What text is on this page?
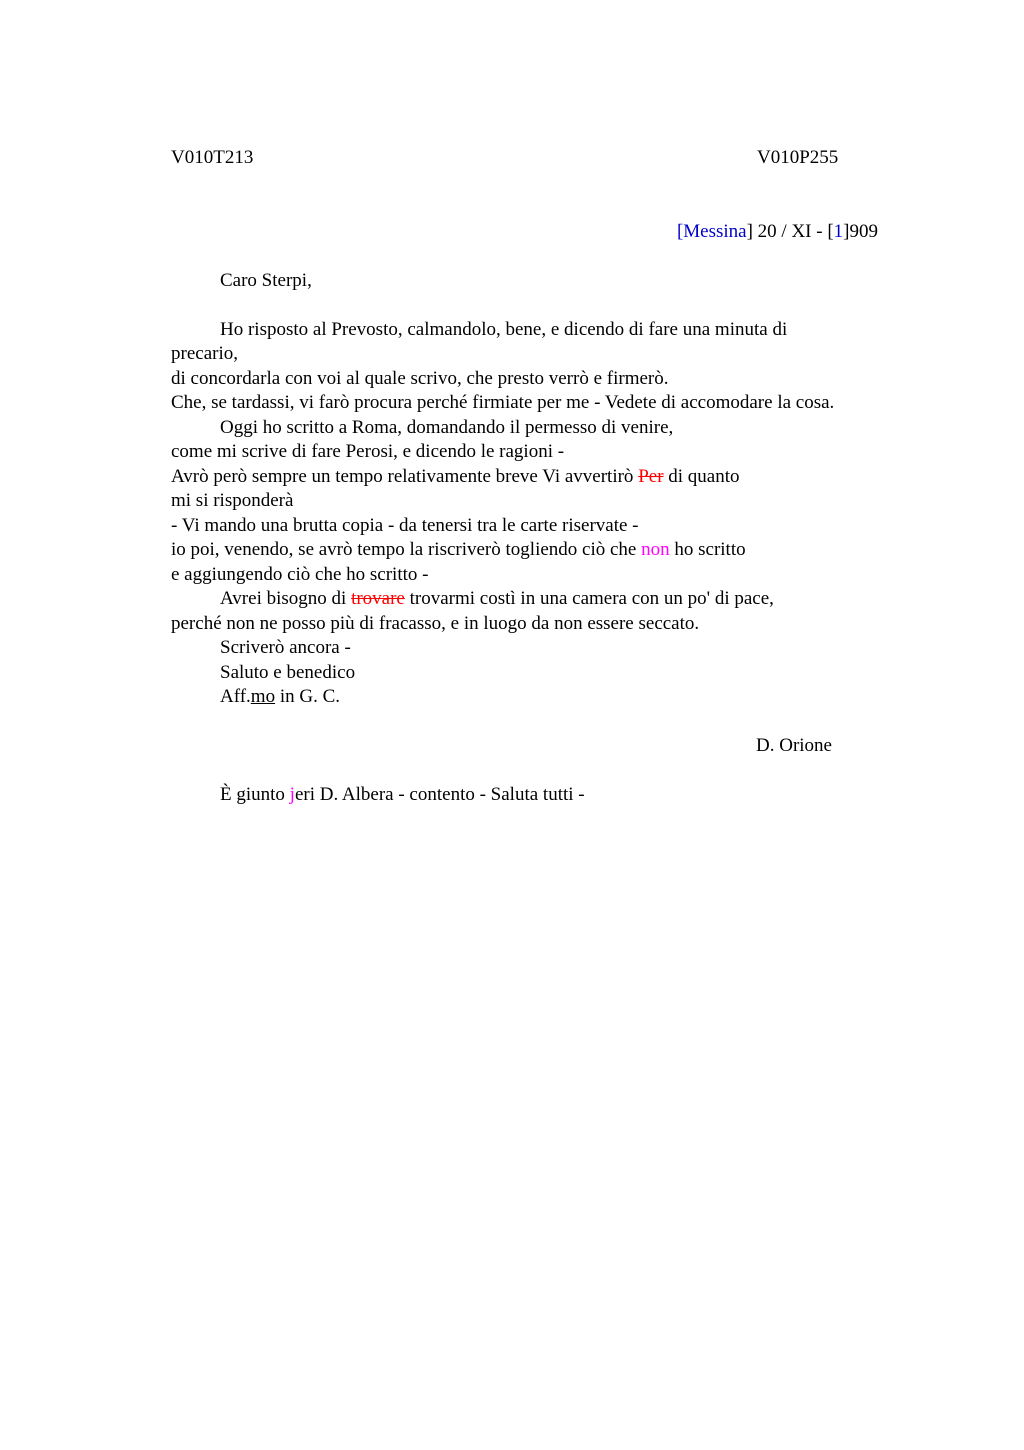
V010T213	V010P255
[Messina] 20 / XI - [1]909
Caro Sterpi,
Ho risposto al Prevosto, calmandolo, bene, e dicendo di fare una minuta di
precario,
di concordarla con voi al quale scrivo, che presto verrò e firmerò.
Che, se tardassi, vi farò procura perché firmiate per me - Vedete di accomodare la cosa.
Oggi ho scritto a Roma, domandando il permesso di venire,
come mi scrive di fare Perosi, e dicendo le ragioni -
Avrò però sempre un tempo relativamente breve Vi avvertirò Per di quanto
mi si risponderà
- Vi mando una brutta copia - da tenersi tra le carte riservate -
io poi, venendo, se avrò tempo la riscriverò togliendo ciò che non ho scritto
e aggiungendo ciò che ho scritto -
Avrei bisogno di trovare trovarmi costì in una camera con un po' di pace,
perché non ne posso più di fracasso, e in luogo da non essere seccato.
Scriverò ancora -
Saluto e benedico
Aff.mo in G. C.
D. Orione
È giunto jeri D. Albera - contento - Saluta tutti -
